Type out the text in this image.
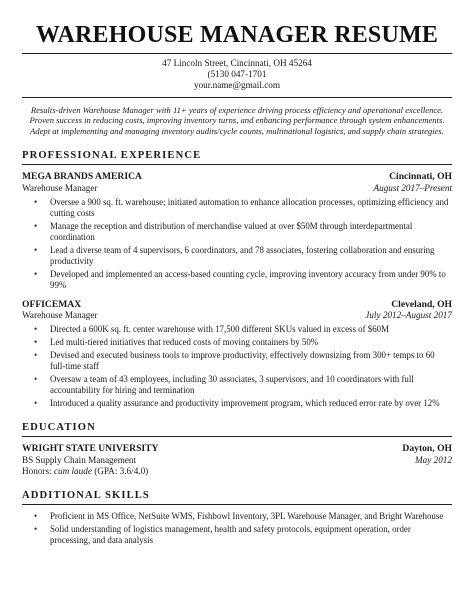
WAREHOUSE MANAGER RESUME
47 Lincoln Street, Cincinnati, OH 45264
(5130 047-1701
your.name@gmail.com
Results-driven Warehouse Manager with 11+ years of experience driving process efficiency and operational excellence.
Proven success in reducing costs, improving inventory turns, and enhancing performance through system enhancements.
Adept at implementing and managing inventory audits/cycle counts, multinational logistics, and supply chain strategies.
PROFESSIONAL EXPERIENCE
MEGA BRANDS AMERICA	Cincinnati, OH
Warehouse Manager	August 2017–Present
• Oversee a 900 sq. ft. warehouse; initiated automation to enhance allocation processes, optimizing efficiency and cutting costs
• Manage the reception and distribution of merchandise valued at over $50M through interdepartmental coordination
• Lead a diverse team of 4 supervisors, 6 coordinators, and 78 associates, fostering collaboration and ensuring productivity
• Developed and implemented an access-based counting cycle, improving inventory accuracy from under 90% to 99%
OFFICEMAX	Cleveland, OH
Warehouse Manager	July 2012–August 2017
• Directed a 600K sq. ft. center warehouse with 17,500 different SKUs valued in excess of $60M
• Led multi-tiered initiatives that reduced costs of moving containers by 50%
• Devised and executed business tools to improve productivity, effectively downsizing from 300+ temps to 60 full-time staff
• Oversaw a team of 43 employees, including 30 associates, 3 supervisors, and 10 coordinators with full accountability for hiring and termination
• Introduced a quality assurance and productivity improvement program, which reduced error rate by over 12%
EDUCATION
WRIGHT STATE UNIVERSITY	Dayton, OH
BS Supply Chain Management	May 2012
Honors: cum laude (GPA: 3.6/4.0)
ADDITIONAL SKILLS
• Proficient in MS Office, NetSuite WMS, Fishbowl Inventory, 3PL Warehouse Manager, and Bright Warehouse
• Solid understanding of logistics management, health and safety protocols, equipment operation, order processing, and data analysis
